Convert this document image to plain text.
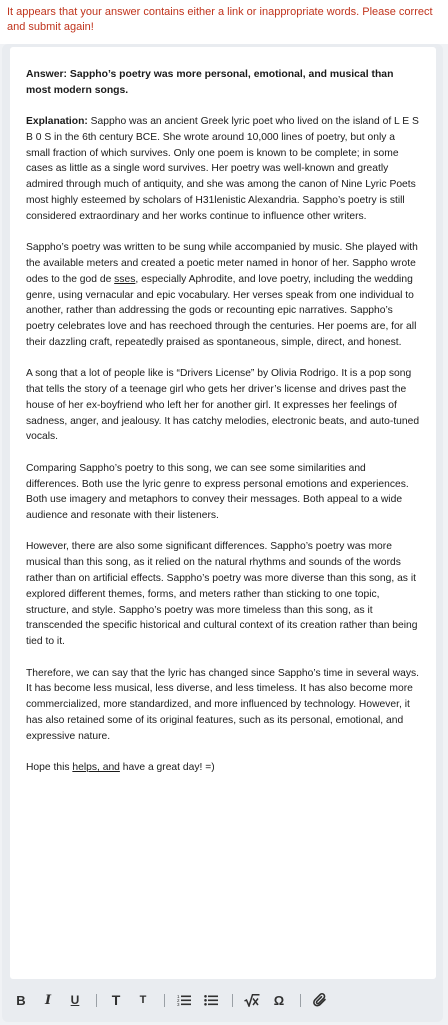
It appears that your answer contains either a link or inappropriate words. Please correct and submit again!

Answer: Sappho’s poetry was more personal, emotional, and musical than most modern songs.

Explanation: Sappho was an ancient Greek lyric poet who lived on the island of L E S B 0 S in the 6th century BCE. She wrote around 10,000 lines of poetry, but only a small fraction of which survives. Only one poem is known to be complete; in some cases as little as a single word survives. Her poetry was well-known and greatly admired through much of antiquity, and she was among the canon of Nine Lyric Poets most highly esteemed by scholars of H31lenistic Alexandria. Sappho’s poetry is still considered extraordinary and her works continue to influence other writers.

Sappho’s poetry was written to be sung while accompanied by music. She played with the available meters and created a poetic meter named in honor of her. Sappho wrote odes to the god de sses, especially Aphrodite, and love poetry, including the wedding genre, using vernacular and epic vocabulary. Her verses speak from one individual to another, rather than addressing the gods or recounting epic narratives. Sappho’s poetry celebrates love and has reechoed through the centuries. Her poems are, for all their dazzling craft, repeatedly praised as spontaneous, simple, direct, and honest.

A song that a lot of people like is “Drivers License” by Olivia Rodrigo. It is a pop song that tells the story of a teenage girl who gets her driver’s license and drives past the house of her ex-boyfriend who left her for another girl. It expresses her feelings of sadness, anger, and jealousy. It has catchy melodies, electronic beats, and auto-tuned vocals.

Comparing Sappho’s poetry to this song, we can see some similarities and differences. Both use the lyric genre to express personal emotions and experiences. Both use imagery and metaphors to convey their messages. Both appeal to a wide audience and resonate with their listeners.

However, there are also some significant differences. Sappho’s poetry was more musical than this song, as it relied on the natural rhythms and sounds of the words rather than on artificial effects. Sappho’s poetry was more diverse than this song, as it explored different themes, forms, and meters rather than sticking to one topic, structure, and style. Sappho’s poetry was more timeless than this song, as it transcended the specific historical and cultural context of its creation rather than being tied to it.

Therefore, we can say that the lyric has changed since Sappho’s time in several ways. It has become less musical, less diverse, and less timeless. It has also become more commercialized, more standardized, and more influenced by technology. However, it has also retained some of its original features, such as its personal, emotional, and expressive nature.

Hope this helps, and have a great day! =)

B	I	U T	T	1
2
3	Ω
